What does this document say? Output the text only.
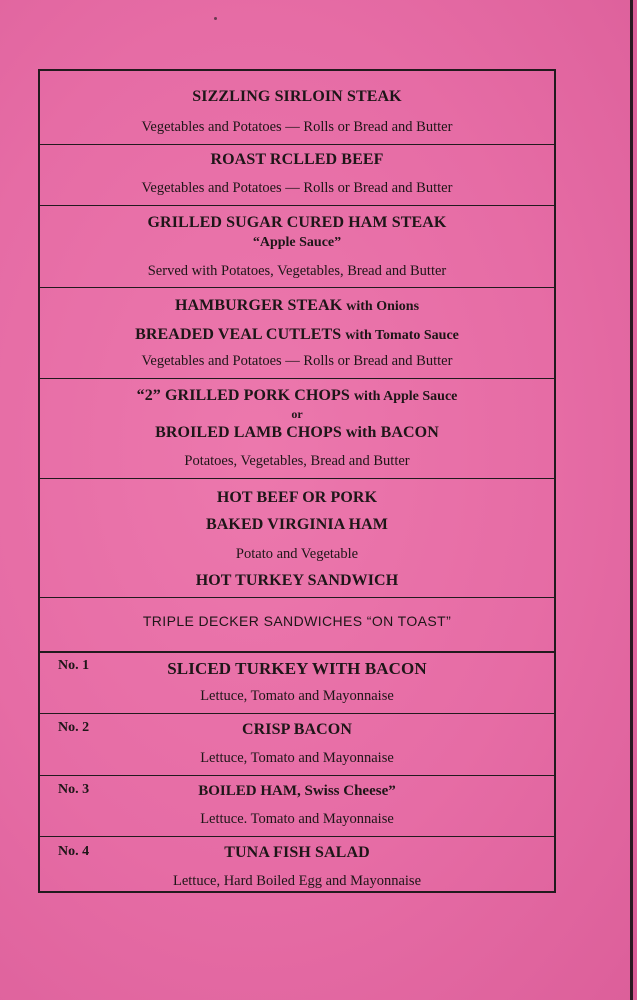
SIZZLING SIRLOIN STEAK
Vegetables and Potatoes — Rolls or Bread and Butter
ROAST RCLLED BEEF
Vegetables and Potatoes — Rolls or Bread and Butter
GRILLED SUGAR CURED HAM STEAK
“Apple Sauce”
Served with Potatoes, Vegetables, Bread and Butter
HAMBURGER STEAK with Onions
BREADED VEAL CUTLETS with Tomato Sauce
Vegetables and Potatoes — Rolls or Bread and Butter
“2” GRILLED PORK CHOPS with Apple Sauce
or
BROILED LAMB CHOPS with BACON
Potatoes, Vegetables, Bread and Butter
HOT BEEF OR PORK
BAKED VIRGINIA HAM
Potato and Vegetable
HOT TURKEY SANDWICH
TRIPLE DECKER SANDWICHES “ON TOAST”
No. 1	SLICED TURKEY WITH BACON
Lettuce, Tomato and Mayonnaise
No. 2	CRISP BACON
Lettuce, Tomato and Mayonnaise
No. 3	BOILED HAM, Swiss Cheese”
Lettuce. Tomato and Mayonnaise
No. 4	TUNA FISH SALAD
Lettuce, Hard Boiled Egg and Mayonnaise
